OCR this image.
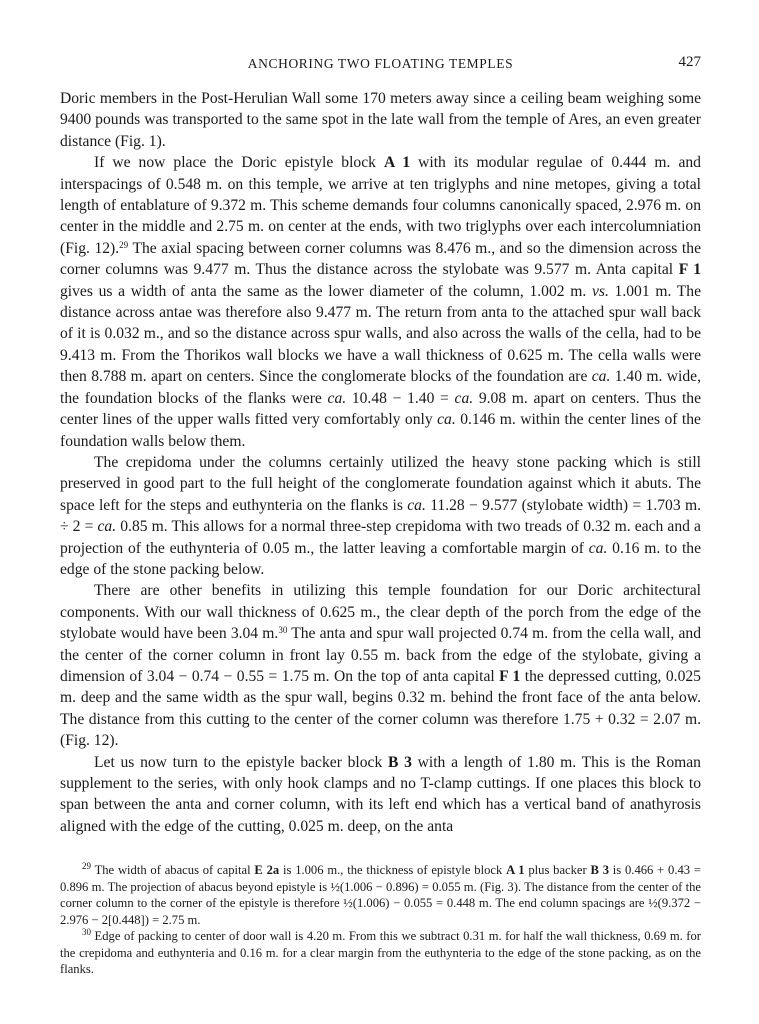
ANCHORING TWO FLOATING TEMPLES	427

Doric members in the Post-Herulian Wall some 170 meters away since a ceiling beam weighing some 9400 pounds was transported to the same spot in the late wall from the temple of Ares, an even greater distance (Fig. 1).

If we now place the Doric epistyle block A 1 with its modular regulae of 0.444 m. and interspacings of 0.548 m. on this temple, we arrive at ten triglyphs and nine metopes, giving a total length of entablature of 9.372 m. This scheme demands four columns canonically spaced, 2.976 m. on center in the middle and 2.75 m. on center at the ends, with two triglyphs over each intercolumniation (Fig. 12).$^{29}$ The axial spacing between corner columns was 8.476 m., and so the dimension across the corner columns was 9.477 m. Thus the distance across the stylobate was 9.577 m. Anta capital F 1 gives us a width of anta the same as the lower diameter of the column, 1.002 m. vs. 1.001 m. The distance across antae was therefore also 9.477 m. The return from anta to the attached spur wall back of it is 0.032 m., and so the distance across spur walls, and also across the walls of the cella, had to be 9.413 m. From the Thorikos wall blocks we have a wall thickness of 0.625 m. The cella walls were then 8.788 m. apart on centers. Since the conglomerate blocks of the foundation are ca. 1.40 m. wide, the foundation blocks of the flanks were ca. 10.48 − 1.40 = ca. 9.08 m. apart on centers. Thus the center lines of the upper walls fitted very comfortably only ca. 0.146 m. within the center lines of the foundation walls below them.

The crepidoma under the columns certainly utilized the heavy stone packing which is still preserved in good part to the full height of the conglomerate foundation against which it abuts. The space left for the steps and euthynteria on the flanks is ca. 11.28 − 9.577 (stylobate width) = 1.703 m. ÷ 2 = ca. 0.85 m. This allows for a normal three-step crepidoma with two treads of 0.32 m. each and a projection of the euthynteria of 0.05 m., the latter leaving a comfortable margin of ca. 0.16 m. to the edge of the stone packing below.

There are other benefits in utilizing this temple foundation for our Doric architectural components. With our wall thickness of 0.625 m., the clear depth of the porch from the edge of the stylobate would have been 3.04 m.$^{30}$ The anta and spur wall projected 0.74 m. from the cella wall, and the center of the corner column in front lay 0.55 m. back from the edge of the stylobate, giving a dimension of 3.04 − 0.74 − 0.55 = 1.75 m. On the top of anta capital F 1 the depressed cutting, 0.025 m. deep and the same width as the spur wall, begins 0.32 m. behind the front face of the anta below. The distance from this cutting to the center of the corner column was therefore 1.75 + 0.32 = 2.07 m. (Fig. 12).

Let us now turn to the epistyle backer block B 3 with a length of 1.80 m. This is the Roman supplement to the series, with only hook clamps and no T-clamp cuttings. If one places this block to span between the anta and corner column, with its left end which has a vertical band of anathyrosis aligned with the edge of the cutting, 0.025 m. deep, on the anta

$^{29}$ The width of abacus of capital E 2a is 1.006 m., the thickness of epistyle block A 1 plus backer B 3 is 0.466 + 0.43 = 0.896 m. The projection of abacus beyond epistyle is ½(1.006 − 0.896) = 0.055 m. (Fig. 3). The distance from the center of the corner column to the corner of the epistyle is therefore ½(1.006) − 0.055 = 0.448 m. The end column spacings are ½(9.372 − 2.976 − 2[0.448]) = 2.75 m.

$^{30}$ Edge of packing to center of door wall is 4.20 m. From this we subtract 0.31 m. for half the wall thickness, 0.69 m. for the crepidoma and euthynteria and 0.16 m. for a clear margin from the euthynteria to the edge of the stone packing, as on the flanks.
